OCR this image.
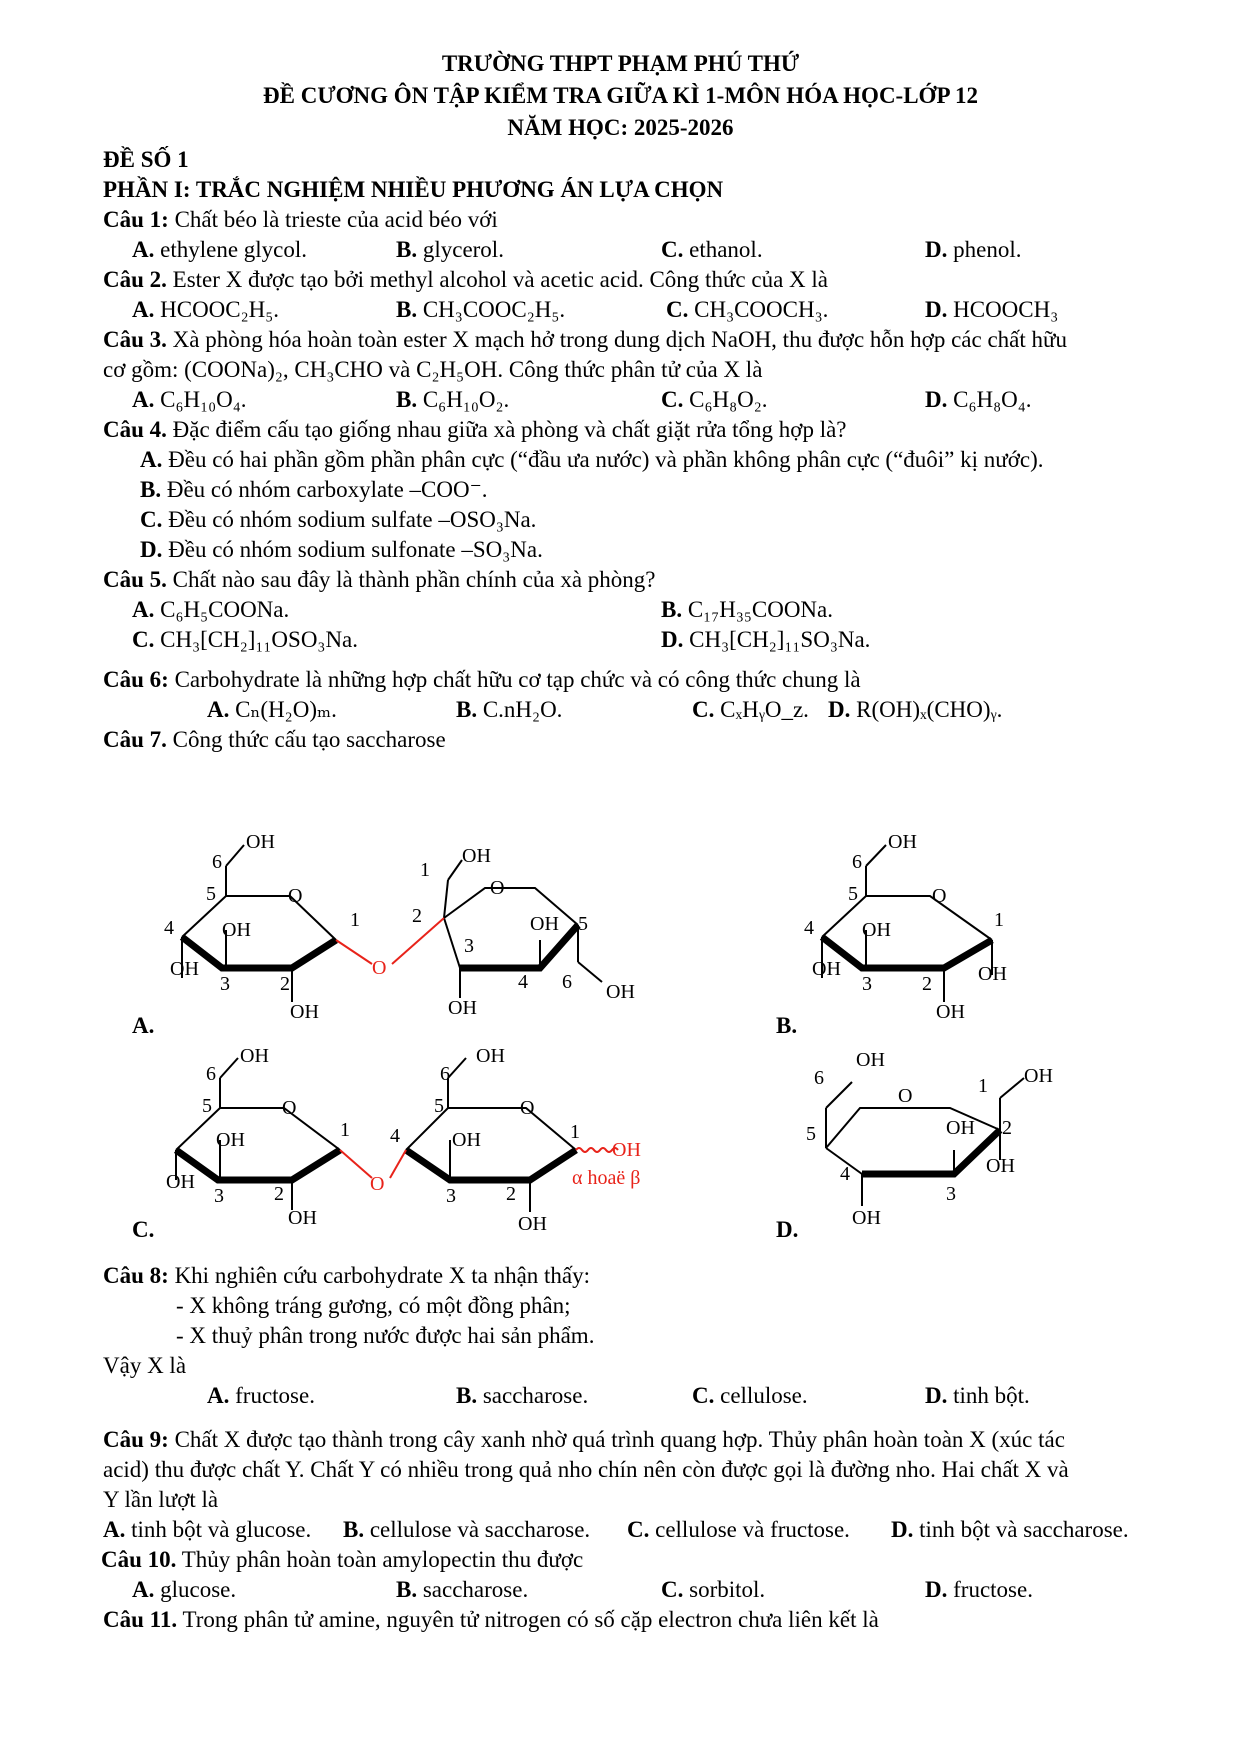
TRƯỜNG THPT PHẠM PHÚ THỨ
ĐỀ CƯƠNG ÔN TẬP KIỂM TRA GIỮA KÌ 1-MÔN HÓA HỌC-LỚP 12
NĂM HỌC: 2025-2026
ĐỀ SỐ 1
PHẦN I: TRẮC NGHIỆM NHIỀU PHƯƠNG ÁN LỰA CHỌN
Câu 1: Chất béo là trieste của acid béo với
A. ethylene glycol.	B. glycerol.	C. ethanol.	D. phenol.
Câu 2. Ester X được tạo bởi methyl alcohol và acetic acid. Công thức của X là
A. HCOOC₂H₅.	B. CH₃COOC₂H₅.	C. CH₃COOCH₃.	D. HCOOCH₃
Câu 3. Xà phòng hóa hoàn toàn ester X mạch hở trong dung dịch NaOH, thu được hỗn hợp các chất hữu
cơ gồm: (COONa)₂, CH₃CHO và C₂H₅OH. Công thức phân tử của X là
A. C₆H₁₀O₄.	B. C₆H₁₀O₂.	C. C₆H₈O₂.	D. C₆H₈O₄.
Câu 4. Đặc điểm cấu tạo giống nhau giữa xà phòng và chất giặt rửa tổng hợp là?
A. Đều có hai phần gồm phần phân cực (“đầu ưa nước) và phần không phân cực (“đuôi” kị nước).
B. Đều có nhóm carboxylate –COO⁻.
C. Đều có nhóm sodium sulfate –OSO₃Na.
D. Đều có nhóm sodium sulfonate –SO₃Na.
Câu 5. Chất nào sau đây là thành phần chính của xà phòng?
A. C₆H₅COONa.	B. C₁₇H₃₅COONa.
C. CH₃[CH₂]₁₁OSO₃Na.	D. CH₃[CH₂]₁₁SO₃Na.
Câu 6: Carbohydrate là những hợp chất hữu cơ tạp chức và có công thức chung là
A. Cₙ(H₂O)ₘ.	B. C.nH₂O.	C. CₓHᵧO_z. D. R(OH)ₓ(CHO)ᵧ.
Câu 7. Công thức cấu tạo saccharose
A.	B.
C.	D.
OH
6
5	O
1
OH
4
OH
3	2
OH
O
OH
1
2
O
3
OH 5
4 6 OH
OH
OH
6
5	O
1
OH
4
OH
3	2 OH
OH
OH
6
5	O
1
OH
OH
3	2
OH
O
OH
6
5	O
4	OH	1
OH
α hoaë β
3	2
OH
OH
6
O	1 OH
5	OH 2
OH
4
3
OH
Câu 8: Khi nghiên cứu carbohydrate X ta nhận thấy:
- X không tráng gương, có một đồng phân;
- X thuỷ phân trong nước được hai sản phẩm.
Vậy X là
A. fructose.	B. saccharose.	C. cellulose.	D. tinh bột.
Câu 9: Chất X được tạo thành trong cây xanh nhờ quá trình quang hợp. Thủy phân hoàn toàn X (xúc tác
acid) thu được chất Y. Chất Y có nhiều trong quả nho chín nên còn được gọi là đường nho. Hai chất X và
Y lần lượt là
A. tinh bột và glucose. B. cellulose và saccharose. C. cellulose và fructose. D. tinh bột và saccharose.
Câu 10. Thủy phân hoàn toàn amylopectin thu được
A. glucose.	B. saccharose.	C. sorbitol.	D. fructose.
Câu 11. Trong phân tử amine, nguyên tử nitrogen có số cặp electron chưa liên kết là
